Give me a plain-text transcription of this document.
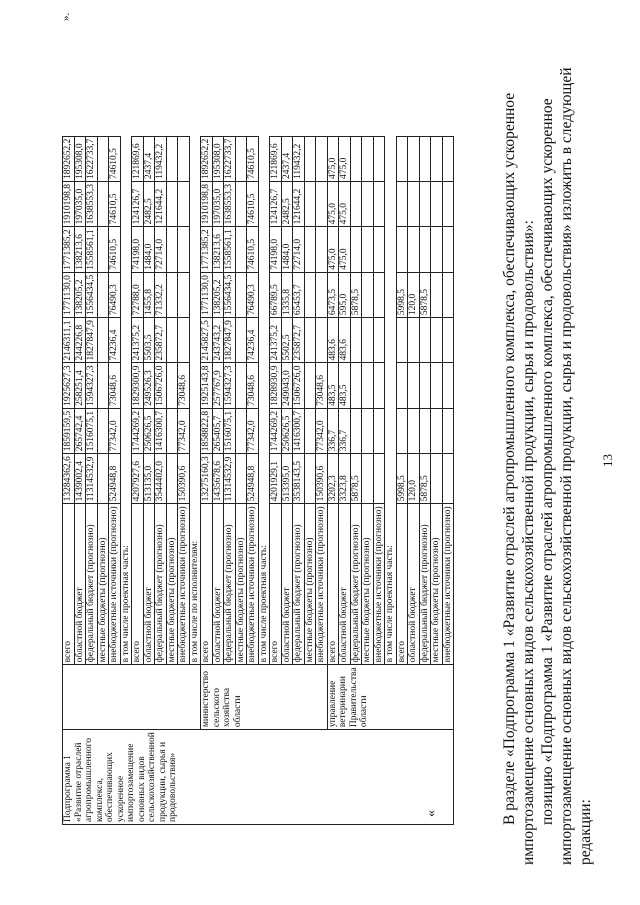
13

В разделе «Подпрограмма 1 «Развитие отраслей агропромышленного комплекса, обеспечивающих ускоренное импортозамещение основных видов сельскохозяйственной продукции, сырья и продовольствия»: позицию «Подпрограмма 1 «Развитие отраслей агропромышленного комплекса, обеспечивающих ускоренное импортозамещение основных видов сельскохозяйственной продукции, сырья и продовольствия» изложить в следующей редакции:

«
».
Подпрограмма 1 «Развитие отраслей агропромышленного комплекса, обеспечивающих ускоренное импортозамещение основных видов сельскохозяйственной продукции, сырья и продовольствия»		всего	13284362,6	1859159,5	1925627,3	2146311,1	1771130,0	1771385,2	1910198,8	1892652,2
		областной бюджет	1439002,4	265742,4	258251,4	244226,8	138205,2	138213,6	197035,0	195308,0
		федеральный бюджет (прогнозно)	11314532,9	1516075,1	1594327,3	1827847,9	1556434,5	1558561,1	1638553,3	1622733,7
		местные бюджеты (прогнозно)								
		внебюджетные источники (прогнозно)	524948,8	77342,0	73048,6	74236,4	76490,3	74610,5	74610,5	74610,5
		в том числе проектная часть:								
		всего	4207927,6	1744269,2	1829300,9	241375,2	72788,0	74198,0	124126,7	121869,6
		областной бюджет	513135,0	250626,5	249526,3	5503,5	1455,8	1484,0	2482,5	2437,4
		федеральный бюджет (прогнозно)	3544402,0	1416300,7	1506726,0	235872,7	71332,2	72714,0	121644,2	119432,2
		местные бюджеты (прогнозно)								
		внебюджетные источники (прогнозно)	150390,6	77342,0	73048,6					
		в том числе по исполнителям:								
	министерство сельского хозяйства области	всего	13275160,3	1858822,8	1925143,8	2145827,5	1771130,0	1771385,2	1910198,8	1892652,2
		областной бюджет	1435678,6	265405,7	257767,9	243743,2	138205,2	138213,6	197035,0	195308,0
		федеральный бюджет (прогнозно)	11314532,9	1516075,1	1594327,3	1827847,9	1556434,5	1558561,1	1638553,3	1622733,7
		местные бюджеты (прогнозно)								
		внебюджетные источники (прогнозно)	524948,8	77342,0	73048,6	74236,4	76490,3	74610,5	74610,5	74610,5
		в том числе проектная часть:								
		всего	4201929,1	1744269,2	1828930,9	241375,2	66789,5	74198,0	124126,7	121869,6
		областной бюджет	513395,0	250626,5	249043,0	5502,5	1335,8	1484,0	2482,5	2437,4
		федеральный бюджет (прогнозно)	3538143,5	1416300,7	1506726,0	235872,7	65453,7	72714,0	121644,2	119432,2
		местные бюджеты (прогнозно)								
		внебюджетные источники (прогнозно)	150390,6	77342,0	73048,6					
	управление ветеринарии Правительства области	всего	3202,3	336,7	483,5	483,6	6473,5	475,0	475,0	475,0
		областной бюджет	3323,8	336,7	483,5	483,6	595,0	475,0	475,0	475,0
		федеральный бюджет (прогнозно)	5878,5				5878,5			
		местные бюджеты (прогнозно)								
		внебюджетные источники (прогнозно)								
		в том числе проектная часть:								
		всего	5998,5				5998,5			
		областной бюджет	120,0				120,0			
		федеральный бюджет (прогнозно)	5878,5				5878,5			
		местные бюджеты (прогнозно)								
		внебюджетные источники (прогнозно)								
